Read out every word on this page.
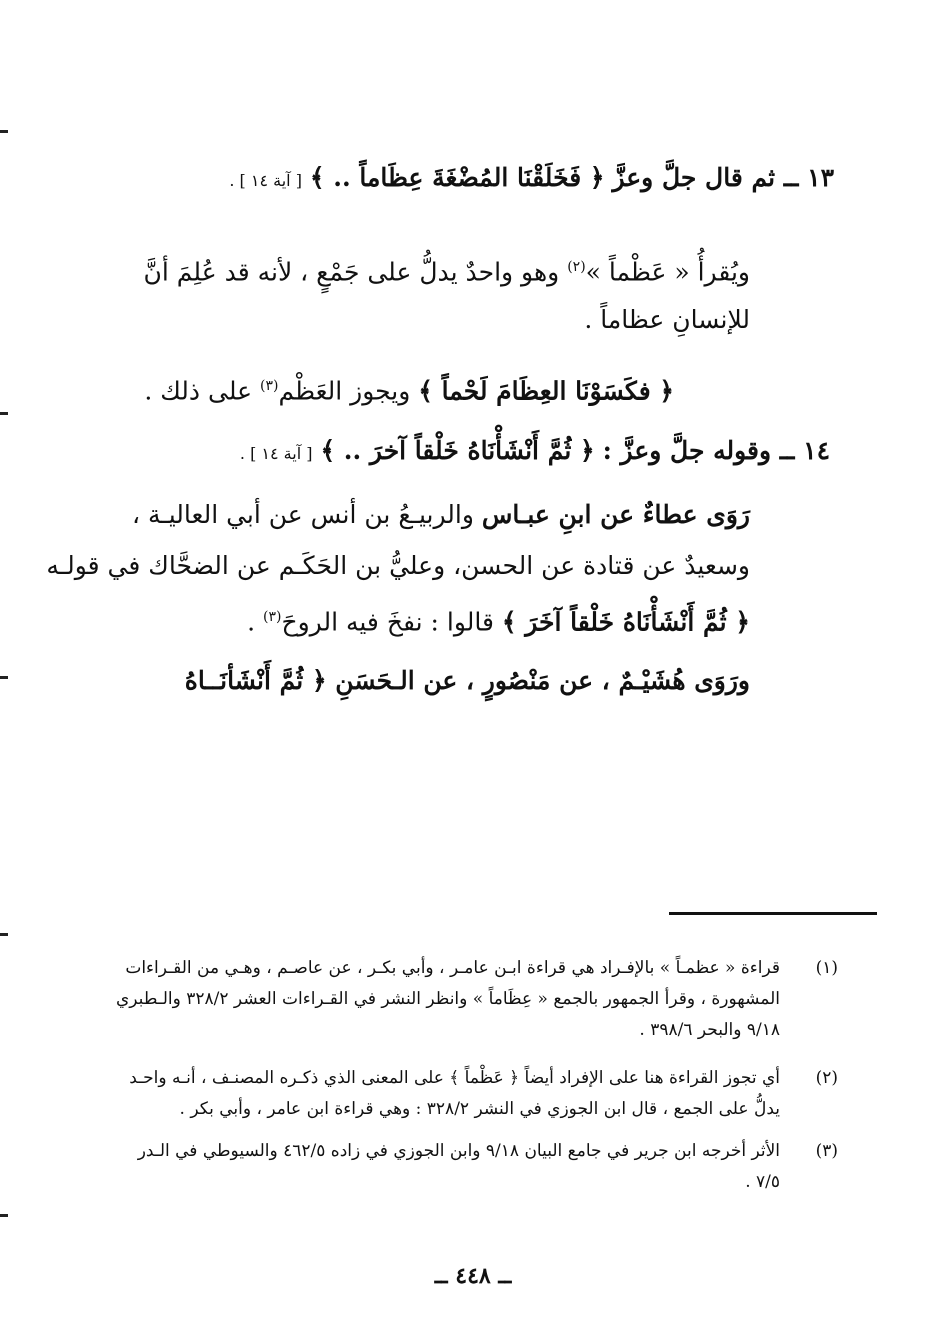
١٣ ــ ثم قال جلَّ وعزَّ ﴿ فَخَلَقْنَا المُضْغَةَ عِظَاماً .. ﴾ [ آية ١٤ ] .
ويُقرأُ « عَظْماً »$^{(٢)}$ وهو واحدٌ يدلُّ على جَمْعٍ ، لأنه قد عُلِمَ أنَّ
للإنسانِ عظاماً .
﴿ فكَسَوْنَا العِظَامَ لَحْماً ﴾ ويجوز العَظْم$^{(٣)}$ على ذلك .
١٤ ــ وقوله جلَّ وعزَّ : ﴿ ثُمَّ أَنْشَأْنَاهُ خَلْقاً آخرَ .. ﴾ [ آية ١٤ ] .
رَوَى عطاءٌ عن ابنِ عبـاس والربيـعُ بن أنس عن أبي العاليـة ،
وسعيدٌ عن قتادة عن الحسن، وعليُّ بن الحَكَـم عن الضحَّاك في قولـه
﴿ ثُمَّ أَنْشَأْنَاهُ خَلْقاً آخَرَ ﴾ قالوا : نفخَ فيه الروحَ$^{(٣)}$ .
ورَوَى هُشَيْـمٌ ، عن مَنْصُورٍ ، عن الـحَسَنِ ﴿ ثُمَّ أَنْشَأنَــاهُ
(١)
قراءة « عظمـاً » بالإفـراد هي قراءة ابـن عامـر ، وأبي بكـر ، عن عاصـم ، وهـي من القـراءات
المشهورة ، وقرأ الجمهور بالجمع « عِظَاماً » وانظر النشر في القـراءات العشر ٣٢٨/٢ والـطبري
٩/١٨ والبحر ٣٩٨/٦ .
(٢)
أي تجوز القراءة هنا على الإفراد أيضاً ﴿ عَظْماً ﴾ على المعنى الذي ذكـره المصنـف ، أنـه واحـد
يدلُّ على الجمع ، قال ابن الجوزي في النشر ٣٢٨/٢ : وهي قراءة ابن عامر ، وأبي بكر .
(٣)
الأثر أخرجه ابن جرير في جامع البيان ٩/١٨ وابن الجوزي في زاده ٤٦٢/٥ والسيوطي في الـدر
٧/٥ .
ــ ٤٤٨ ــ
